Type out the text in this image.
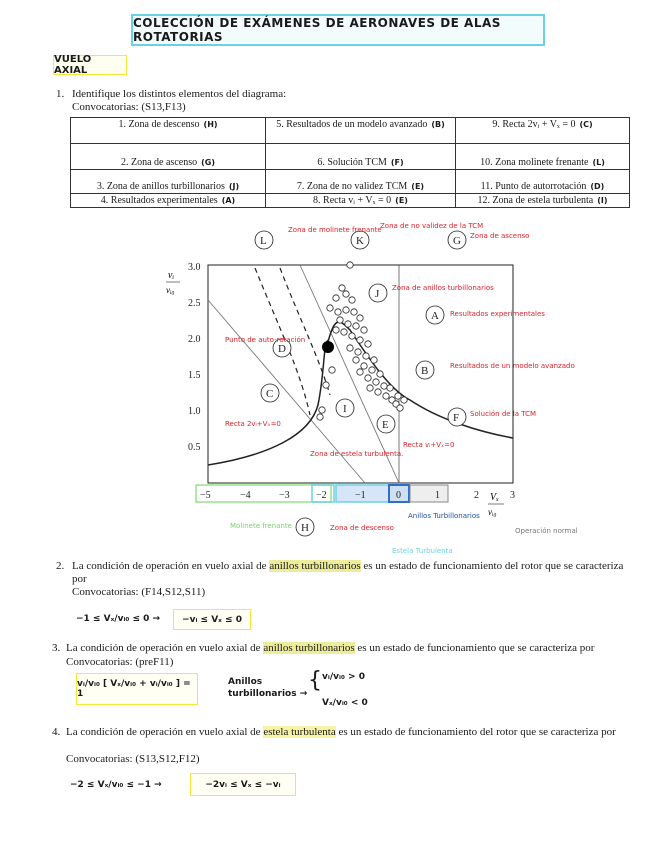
COLECCIÓN DE EXÁMENES DE AERONAVES DE ALAS ROTATORIAS
VUELO AXIAL
1. Identifique los distintos elementos del diagrama:
Convocatorias: (S13,F13)
1. Zona de descenso (H)	5. Resultados de un modelo avanzado (B)	9. Recta 2vᵢ + Vₓ = 0 (C)
2. Zona de ascenso (G)	6. Solución TCM (F)	10. Zona molinete frenante (L)
3. Zona de anillos turbillonarios (J)	7. Zona de no validez TCM (E)	11. Punto de autorrotación (D)
4. Resultados experimentales (A)	8. Recta vᵢ + Vₓ = 0 (E)	12. Zona de estela turbulenta (I)
3.0
2.5
2.0
1.5
1.0
0.5
vᵢ
vᵢ₀
−5	−4	−3	−2	−1	0	1	2	3
Vₓ
vᵢ₀
L	K	G
J
A
D
B
C
I
E
F
H
Zona de molinete frenante
Zona de no validez de la TCM
Zona de ascenso
Zona de anillos turbillonarios
Resultados experimentales
Punto de auto-rotación
Resultados de un modelo avanzado
Recta 2vᵢ+Vₓ=0
Zona de estela turbulenta.
Recta vᵢ+Vₓ=0
Solución de la TCM
Zona de descenso
Molinete frenante
Anillos Turbillonarios
Estela Turbulenta
Operación normal
2. La condición de operación en vuelo axial de anillos turbillonarios es un estado de funcionamiento del rotor que se caracteriza por
Convocatorias: (F14,S12,S11)
−1 ≤ Vₓ/vᵢ₀ ≤ 0 →	−vᵢ ≤ Vₓ ≤ 0
3. La condición de operación en vuelo axial de anillos turbillonarios es un estado de funcionamiento que se caracteriza por
Convocatorias: (preF11)
vᵢ/vᵢ₀ [ Vₓ/vᵢ₀ + vᵢ/vᵢ₀ ] = 1
Anillos turbillonarios →
{ vᵢ/vᵢ₀ > 0
Vₓ/vᵢ₀ < 0
4. La condición de operación en vuelo axial de estela turbulenta es un estado de funcionamiento del rotor que se caracteriza por
Convocatorias: (S13,S12,F12)
−2 ≤ Vₓ/vᵢ₀ ≤ −1 →	−2vᵢ ≤ Vₓ ≤ −vᵢ
